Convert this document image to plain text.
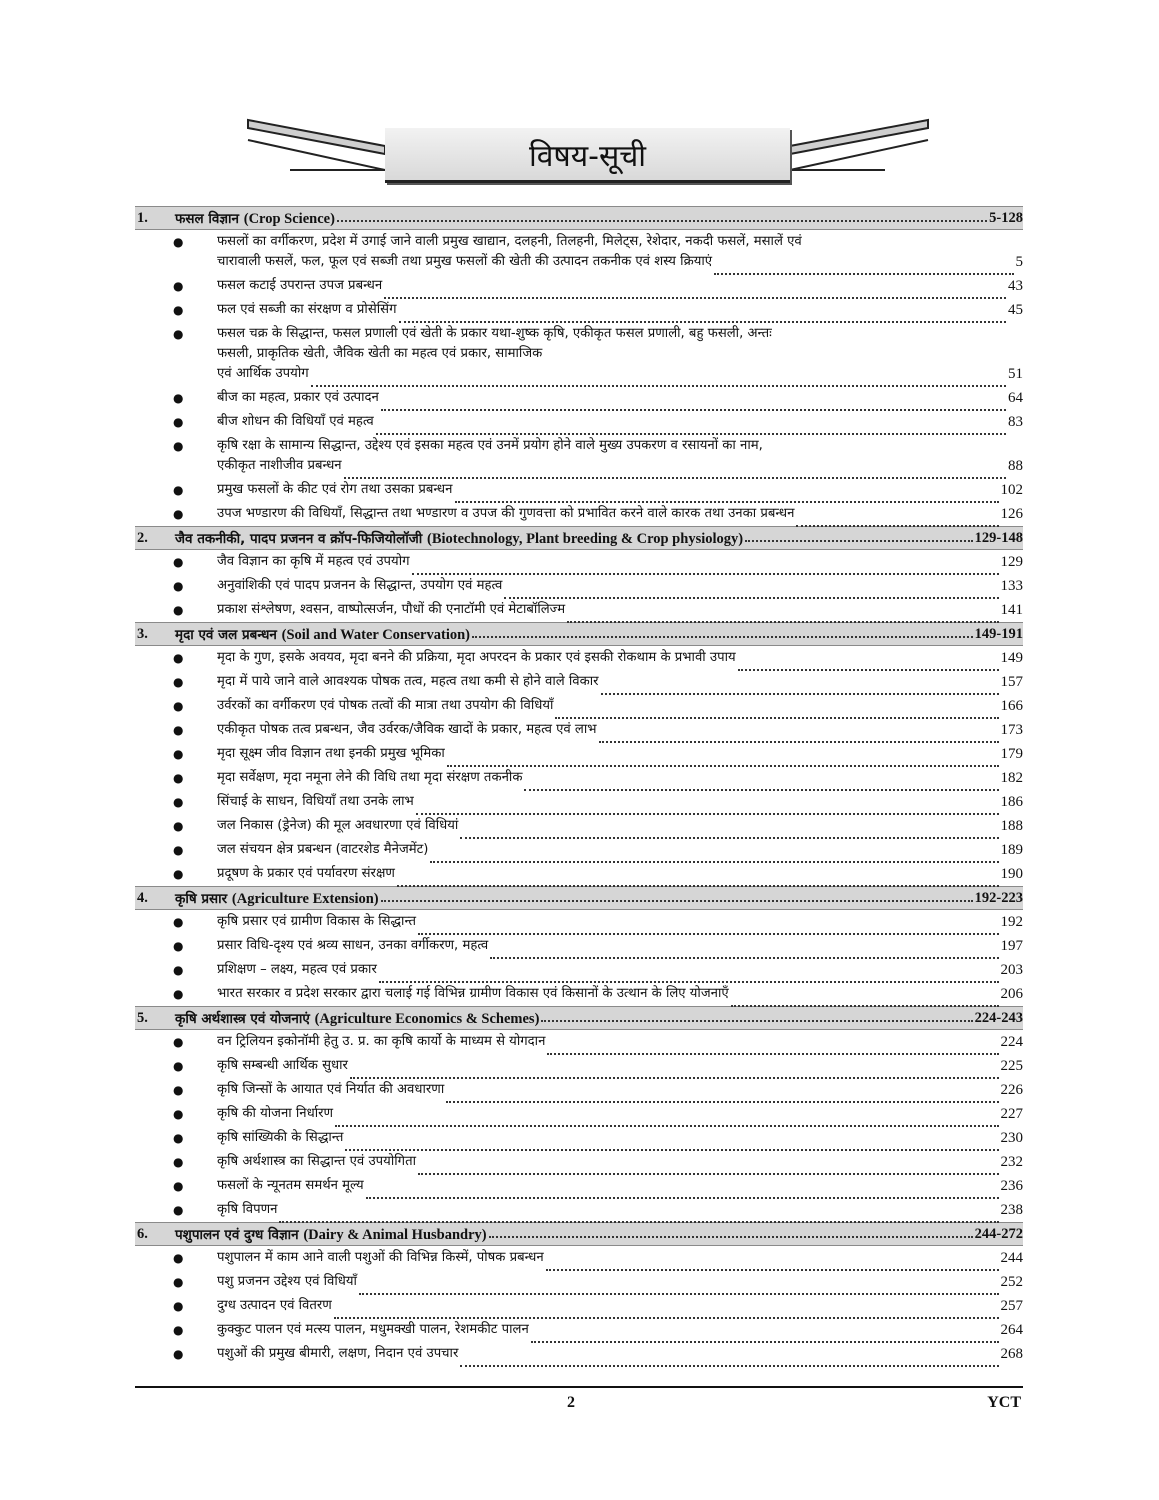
विषय-सूची
1.	फसल विज्ञान (Crop Science)	5-128
●	फसलों का वर्गीकरण, प्रदेश में उगाई जाने वाली प्रमुख खाद्यान, दलहनी, तिलहनी, मिलेट्स, रेशेदार, नकदी फसलें, मसालें एवं
चारावाली फसलें, फल, फूल एवं सब्जी तथा प्रमुख फसलों की खेती की उत्पादन तकनीक एवं शस्य क्रियाएं	5
●	फसल कटाई उपरान्त उपज प्रबन्धन	43
●	फल एवं सब्जी का संरक्षण व प्रोसेसिंग	45
●	फसल चक्र के सिद्धान्त, फसल प्रणाली एवं खेती के प्रकार यथा-शुष्क कृषि, एकीकृत फसल प्रणाली, बहु फसली, अन्तः
फसली, प्राकृतिक खेती, जैविक खेती का महत्व एवं प्रकार, सामाजिक
एवं आर्थिक उपयोग	51
●	बीज का महत्व, प्रकार एवं उत्पादन	64
●	बीज शोधन की विधियाँ एवं महत्व	83
●	कृषि रक्षा के सामान्य सिद्धान्त, उद्देश्य एवं इसका महत्व एवं उनमें प्रयोग होने वाले मुख्य उपकरण व रसायनों का नाम,
एकीकृत नाशीजीव प्रबन्धन	88
●	प्रमुख फसलों के कीट एवं रोग तथा उसका प्रबन्धन	102
●	उपज भण्डारण की विधियाँ, सिद्धान्त तथा भण्डारण व उपज की गुणवत्ता को प्रभावित करने वाले कारक तथा उनका प्रबन्धन	126
2.	जैव तकनीकी, पादप प्रजनन व क्रॉप-फिजियोलॉजी (Biotechnology, Plant breeding & Crop physiology)	129-148
●	जैव विज्ञान का कृषि में महत्व एवं उपयोग	129
●	अनुवांशिकी एवं पादप प्रजनन के सिद्धान्त, उपयोग एवं महत्व	133
●	प्रकाश संश्लेषण, श्वसन, वाष्पोत्सर्जन, पौधों की एनाटॉमी एवं मेटाबॉलिज्म	141
3.	मृदा एवं जल प्रबन्धन (Soil and Water Conservation)	149-191
●	मृदा के गुण, इसके अवयव, मृदा बनने की प्रक्रिया, मृदा अपरदन के प्रकार एवं इसकी रोकथाम के प्रभावी उपाय	149
●	मृदा में पाये जाने वाले आवश्यक पोषक तत्व, महत्व तथा कमी से होने वाले विकार	157
●	उर्वरकों का वर्गीकरण एवं पोषक तत्वों की मात्रा तथा उपयोग की विधियाँ	166
●	एकीकृत पोषक तत्व प्रबन्धन, जैव उर्वरक/जैविक खादों के प्रकार, महत्व एवं लाभ	173
●	मृदा सूक्ष्म जीव विज्ञान तथा इनकी प्रमुख भूमिका	179
●	मृदा सर्वेक्षण, मृदा नमूना लेने की विधि तथा मृदा संरक्षण तकनीक	182
●	सिंचाई के साधन, विधियाँ तथा उनके लाभ	186
●	जल निकास (ड्रेनेज) की मूल अवधारणा एवं विधियां	188
●	जल संचयन क्षेत्र प्रबन्धन (वाटरशेड मैनेजमेंट)	189
●	प्रदूषण के प्रकार एवं पर्यावरण संरक्षण	190
4.	कृषि प्रसार (Agriculture Extension)	192-223
●	कृषि प्रसार एवं ग्रामीण विकास के सिद्धान्त	192
●	प्रसार विधि-दृश्य एवं श्रव्य साधन, उनका वर्गीकरण, महत्व	197
●	प्रशिक्षण – लक्ष्य, महत्व एवं प्रकार	203
●	भारत सरकार व प्रदेश सरकार द्वारा चलाई गई विभिन्न ग्रामीण विकास एवं किसानों के उत्थान के लिए योजनाएँ	206
5.	कृषि अर्थशास्त्र एवं योजनाएं (Agriculture Economics & Schemes)	224-243
●	वन ट्रिलियन इकोनॉमी हेतु उ. प्र. का कृषि कार्यो के माध्यम से योगदान	224
●	कृषि सम्बन्धी आर्थिक सुधार	225
●	कृषि जिन्सों के आयात एवं निर्यात की अवधारणा	226
●	कृषि की योजना निर्धारण	227
●	कृषि सांख्यिकी के सिद्धान्त	230
●	कृषि अर्थशास्त्र का सिद्धान्त एवं उपयोगिता	232
●	फसलों के न्यूनतम समर्थन मूल्य	236
●	कृषि विपणन	238
6.	पशुपालन एवं दुग्ध विज्ञान (Dairy & Animal Husbandry)	244-272
●	पशुपालन में काम आने वाली पशुओं की विभिन्न किस्में, पोषक प्रबन्धन	244
●	पशु प्रजनन उद्देश्य एवं विधियाँ	252
●	दुग्ध उत्पादन एवं वितरण	257
●	कुक्कुट पालन एवं मत्स्य पालन, मधुमक्खी पालन, रेशमकीट पालन	264
●	पशुओं की प्रमुख बीमारी, लक्षण, निदान एवं उपचार	268
2	YCT
